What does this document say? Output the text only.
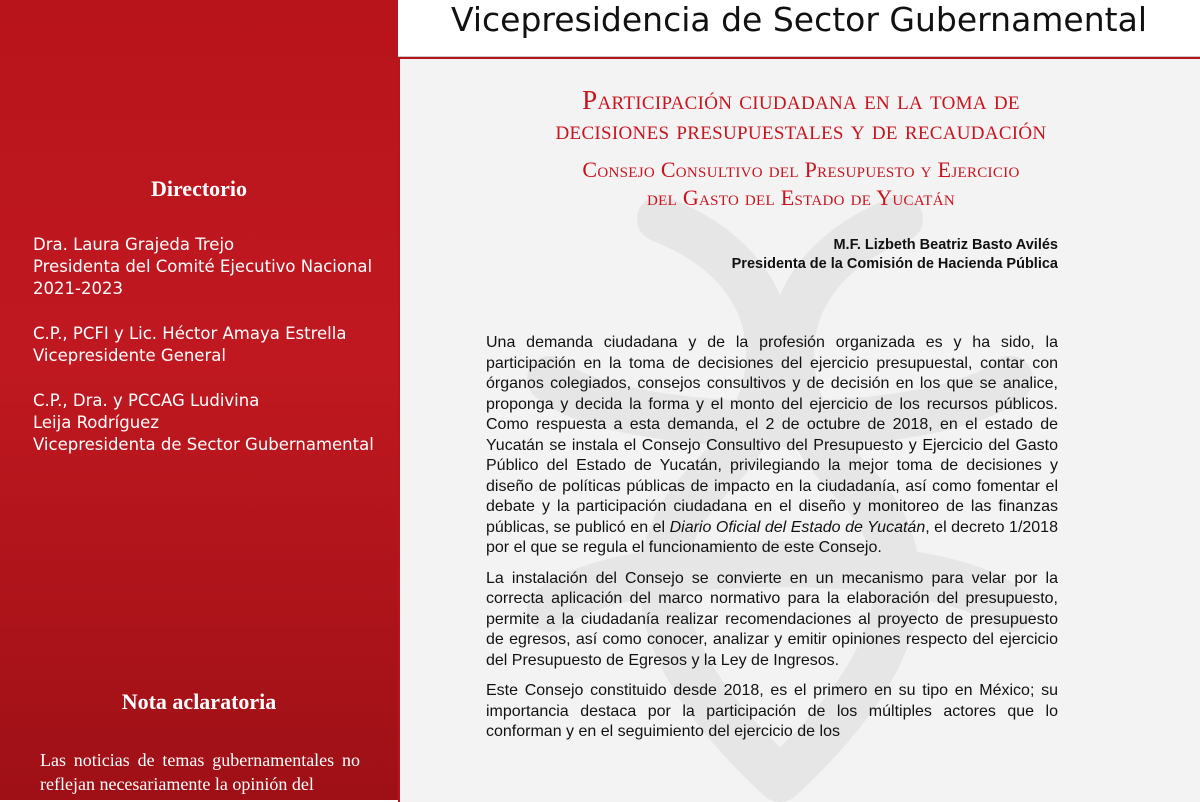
Directorio
Dra. Laura Grajeda Trejo
Presidenta del Comité Ejecutivo Nacional
2021-2023
C.P., PCFI y Lic. Héctor Amaya Estrella
Vicepresidente General
C.P., Dra. y PCCAG Ludivina
Leija Rodríguez
Vicepresidenta de Sector Gubernamental
Nota aclaratoria
Las noticias de temas gubernamentales no reflejan necesariamente la opinión del
Vicepresidencia de Sector Gubernamental
Participación ciudadana en la toma de
decisiones presupuestales y de recaudación
Consejo Consultivo del Presupuesto y Ejercicio
del Gasto del Estado de Yucatán
M.F. Lizbeth Beatriz Basto Avilés
Presidenta de la Comisión de Hacienda Pública

Una demanda ciudadana y de la profesión organizada es y ha sido, la participación en la toma de decisiones del ejercicio presupuestal, contar con órganos colegiados, consejos consultivos y de decisión en los que se analice, proponga y decida la forma y el monto del ejercicio de los recursos públicos. Como respuesta a esta demanda, el 2 de octubre de 2018, en el estado de Yucatán se instala el Consejo Consultivo del Presupuesto y Ejercicio del Gasto Público del Estado de Yucatán, privilegiando la mejor toma de decisiones y diseño de políticas públicas de impacto en la ciudadanía, así como fomentar el debate y la participación ciudadana en el diseño y monitoreo de las finanzas públicas, se publicó en el Diario Oficial del Estado de Yucatán, el decreto 1/2018 por el que se regula el funcionamiento de este Consejo.

La instalación del Consejo se convierte en un mecanismo para velar por la correcta aplicación del marco normativo para la elaboración del presupuesto, permite a la ciudadanía realizar recomendaciones al proyecto de presupuesto de egresos, así como conocer, analizar y emitir opiniones respecto del ejercicio del Presupuesto de Egresos y la Ley de Ingresos.

Este Consejo constituido desde 2018, es el primero en su tipo en México; su importancia destaca por la participación de los múltiples actores que lo conforman y en el seguimiento del ejercicio de los
